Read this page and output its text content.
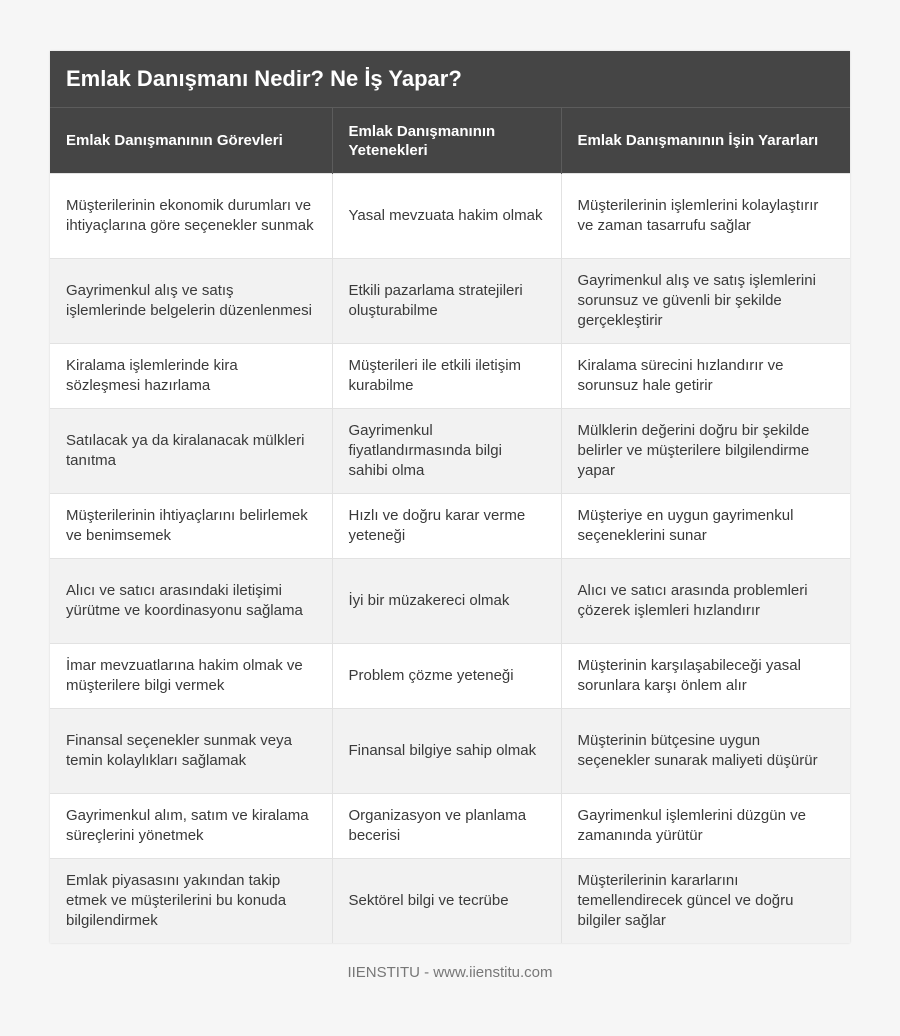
Emlak Danışmanı Nedir? Ne İş Yapar?
Emlak Danışmanının Görevleri	Emlak Danışmanının Yetenekleri	Emlak Danışmanının İşin Yararları
Müşterilerinin ekonomik durumları ve ihtiyaçlarına göre seçenekler sunmak	Yasal mevzuata hakim olmak	Müşterilerinin işlemlerini kolaylaştırır ve zaman tasarrufu sağlar
Gayrimenkul alış ve satış işlemlerinde belgelerin düzenlenmesi	Etkili pazarlama stratejileri oluşturabilme	Gayrimenkul alış ve satış işlemlerini sorunsuz ve güvenli bir şekilde gerçekleştirir
Kiralama işlemlerinde kira sözleşmesi hazırlama	Müşterileri ile etkili iletişim kurabilme	Kiralama sürecini hızlandırır ve sorunsuz hale getirir
Satılacak ya da kiralanacak mülkleri tanıtma	Gayrimenkul fiyatlandırmasında bilgi sahibi olma	Mülklerin değerini doğru bir şekilde belirler ve müşterilere bilgilendirme yapar
Müşterilerinin ihtiyaçlarını belirlemek ve benimsemek	Hızlı ve doğru karar verme yeteneği	Müşteriye en uygun gayrimenkul seçeneklerini sunar
Alıcı ve satıcı arasındaki iletişimi yürütme ve koordinasyonu sağlama	İyi bir müzakereci olmak	Alıcı ve satıcı arasında problemleri çözerek işlemleri hızlandırır
İmar mevzuatlarına hakim olmak ve müşterilere bilgi vermek	Problem çözme yeteneği	Müşterinin karşılaşabileceği yasal sorunlara karşı önlem alır
Finansal seçenekler sunmak veya temin kolaylıkları sağlamak	Finansal bilgiye sahip olmak	Müşterinin bütçesine uygun seçenekler sunarak maliyeti düşürür
Gayrimenkul alım, satım ve kiralama süreçlerini yönetmek	Organizasyon ve planlama becerisi	Gayrimenkul işlemlerini düzgün ve zamanında yürütür
Emlak piyasasını yakından takip etmek ve müşterilerini bu konuda bilgilendirmek	Sektörel bilgi ve tecrübe	Müşterilerinin kararlarını temellendirecek güncel ve doğru bilgiler sağlar
IIENSTITU - www.iienstitu.com
